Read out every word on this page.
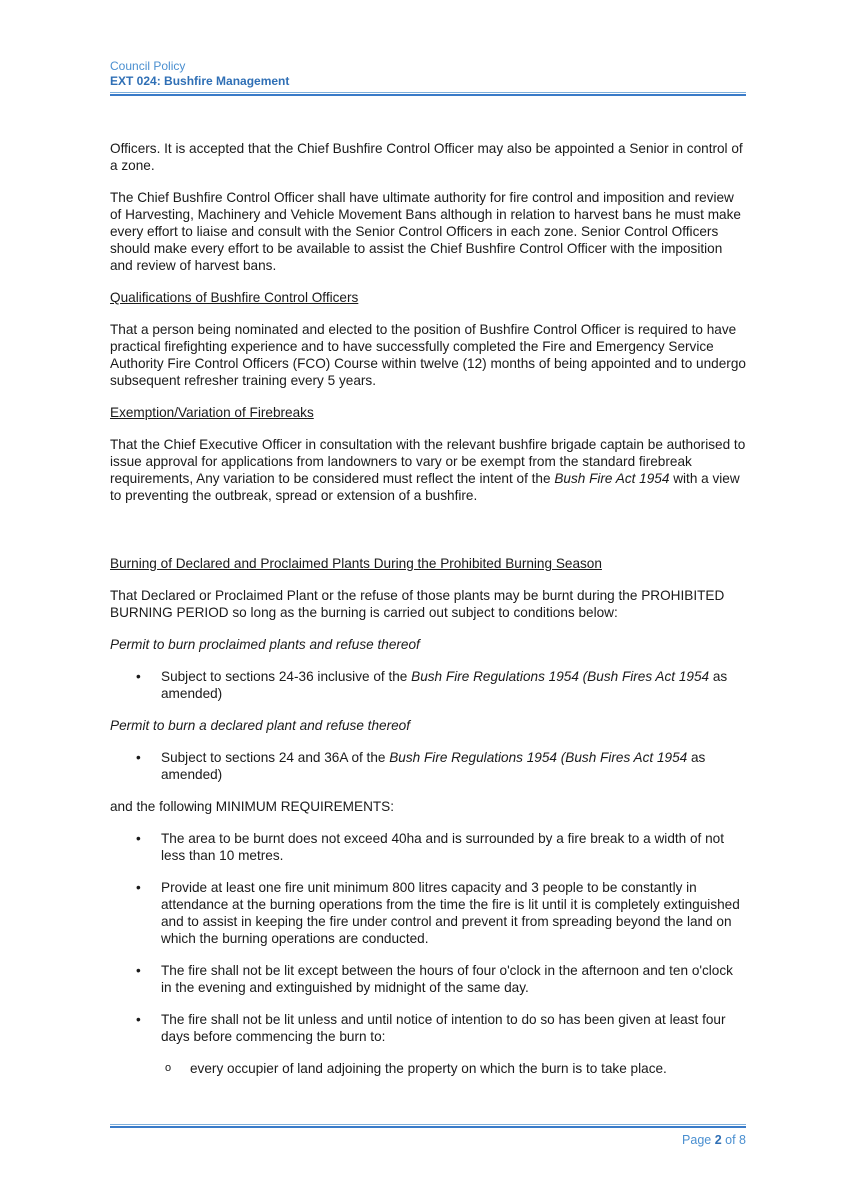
Council Policy
EXT 024: Bushfire Management

Officers. It is accepted that the Chief Bushfire Control Officer may also be appointed a Senior in control of a zone.

The Chief Bushfire Control Officer shall have ultimate authority for fire control and imposition and review of Harvesting, Machinery and Vehicle Movement Bans although in relation to harvest bans he must make every effort to liaise and consult with the Senior Control Officers in each zone. Senior Control Officers should make every effort to be available to assist the Chief Bushfire Control Officer with the imposition and review of harvest bans.

Qualifications of Bushfire Control Officers

That a person being nominated and elected to the position of Bushfire Control Officer is required to have practical firefighting experience and to have successfully completed the Fire and Emergency Service Authority Fire Control Officers (FCO) Course within twelve (12) months of being appointed and to undergo subsequent refresher training every 5 years.

Exemption/Variation of Firebreaks

That the Chief Executive Officer in consultation with the relevant bushfire brigade captain be authorised to issue approval for applications from landowners to vary or be exempt from the standard firebreak requirements, Any variation to be considered must reflect the intent of the Bush Fire Act 1954 with a view to preventing the outbreak, spread or extension of a bushfire.

Burning of Declared and Proclaimed Plants During the Prohibited Burning Season

That Declared or Proclaimed Plant or the refuse of those plants may be burnt during the PROHIBITED BURNING PERIOD so long as the burning is carried out subject to conditions below:

Permit to burn proclaimed plants and refuse thereof

• Subject to sections 24-36 inclusive of the Bush Fire Regulations 1954 (Bush Fires Act 1954 as amended)

Permit to burn a declared plant and refuse thereof

• Subject to sections 24 and 36A of the Bush Fire Regulations 1954 (Bush Fires Act 1954 as amended)

and the following MINIMUM REQUIREMENTS:

• The area to be burnt does not exceed 40ha and is surrounded by a fire break to a width of not less than 10 metres.
• Provide at least one fire unit minimum 800 litres capacity and 3 people to be constantly in attendance at the burning operations from the time the fire is lit until it is completely extinguished and to assist in keeping the fire under control and prevent it from spreading beyond the land on which the burning operations are conducted.
• The fire shall not be lit except between the hours of four o'clock in the afternoon and ten o'clock in the evening and extinguished by midnight of the same day.
• The fire shall not be lit unless and until notice of intention to do so has been given at least four days before commencing the burn to:
o every occupier of land adjoining the property on which the burn is to take place.
Page 2 of 8
